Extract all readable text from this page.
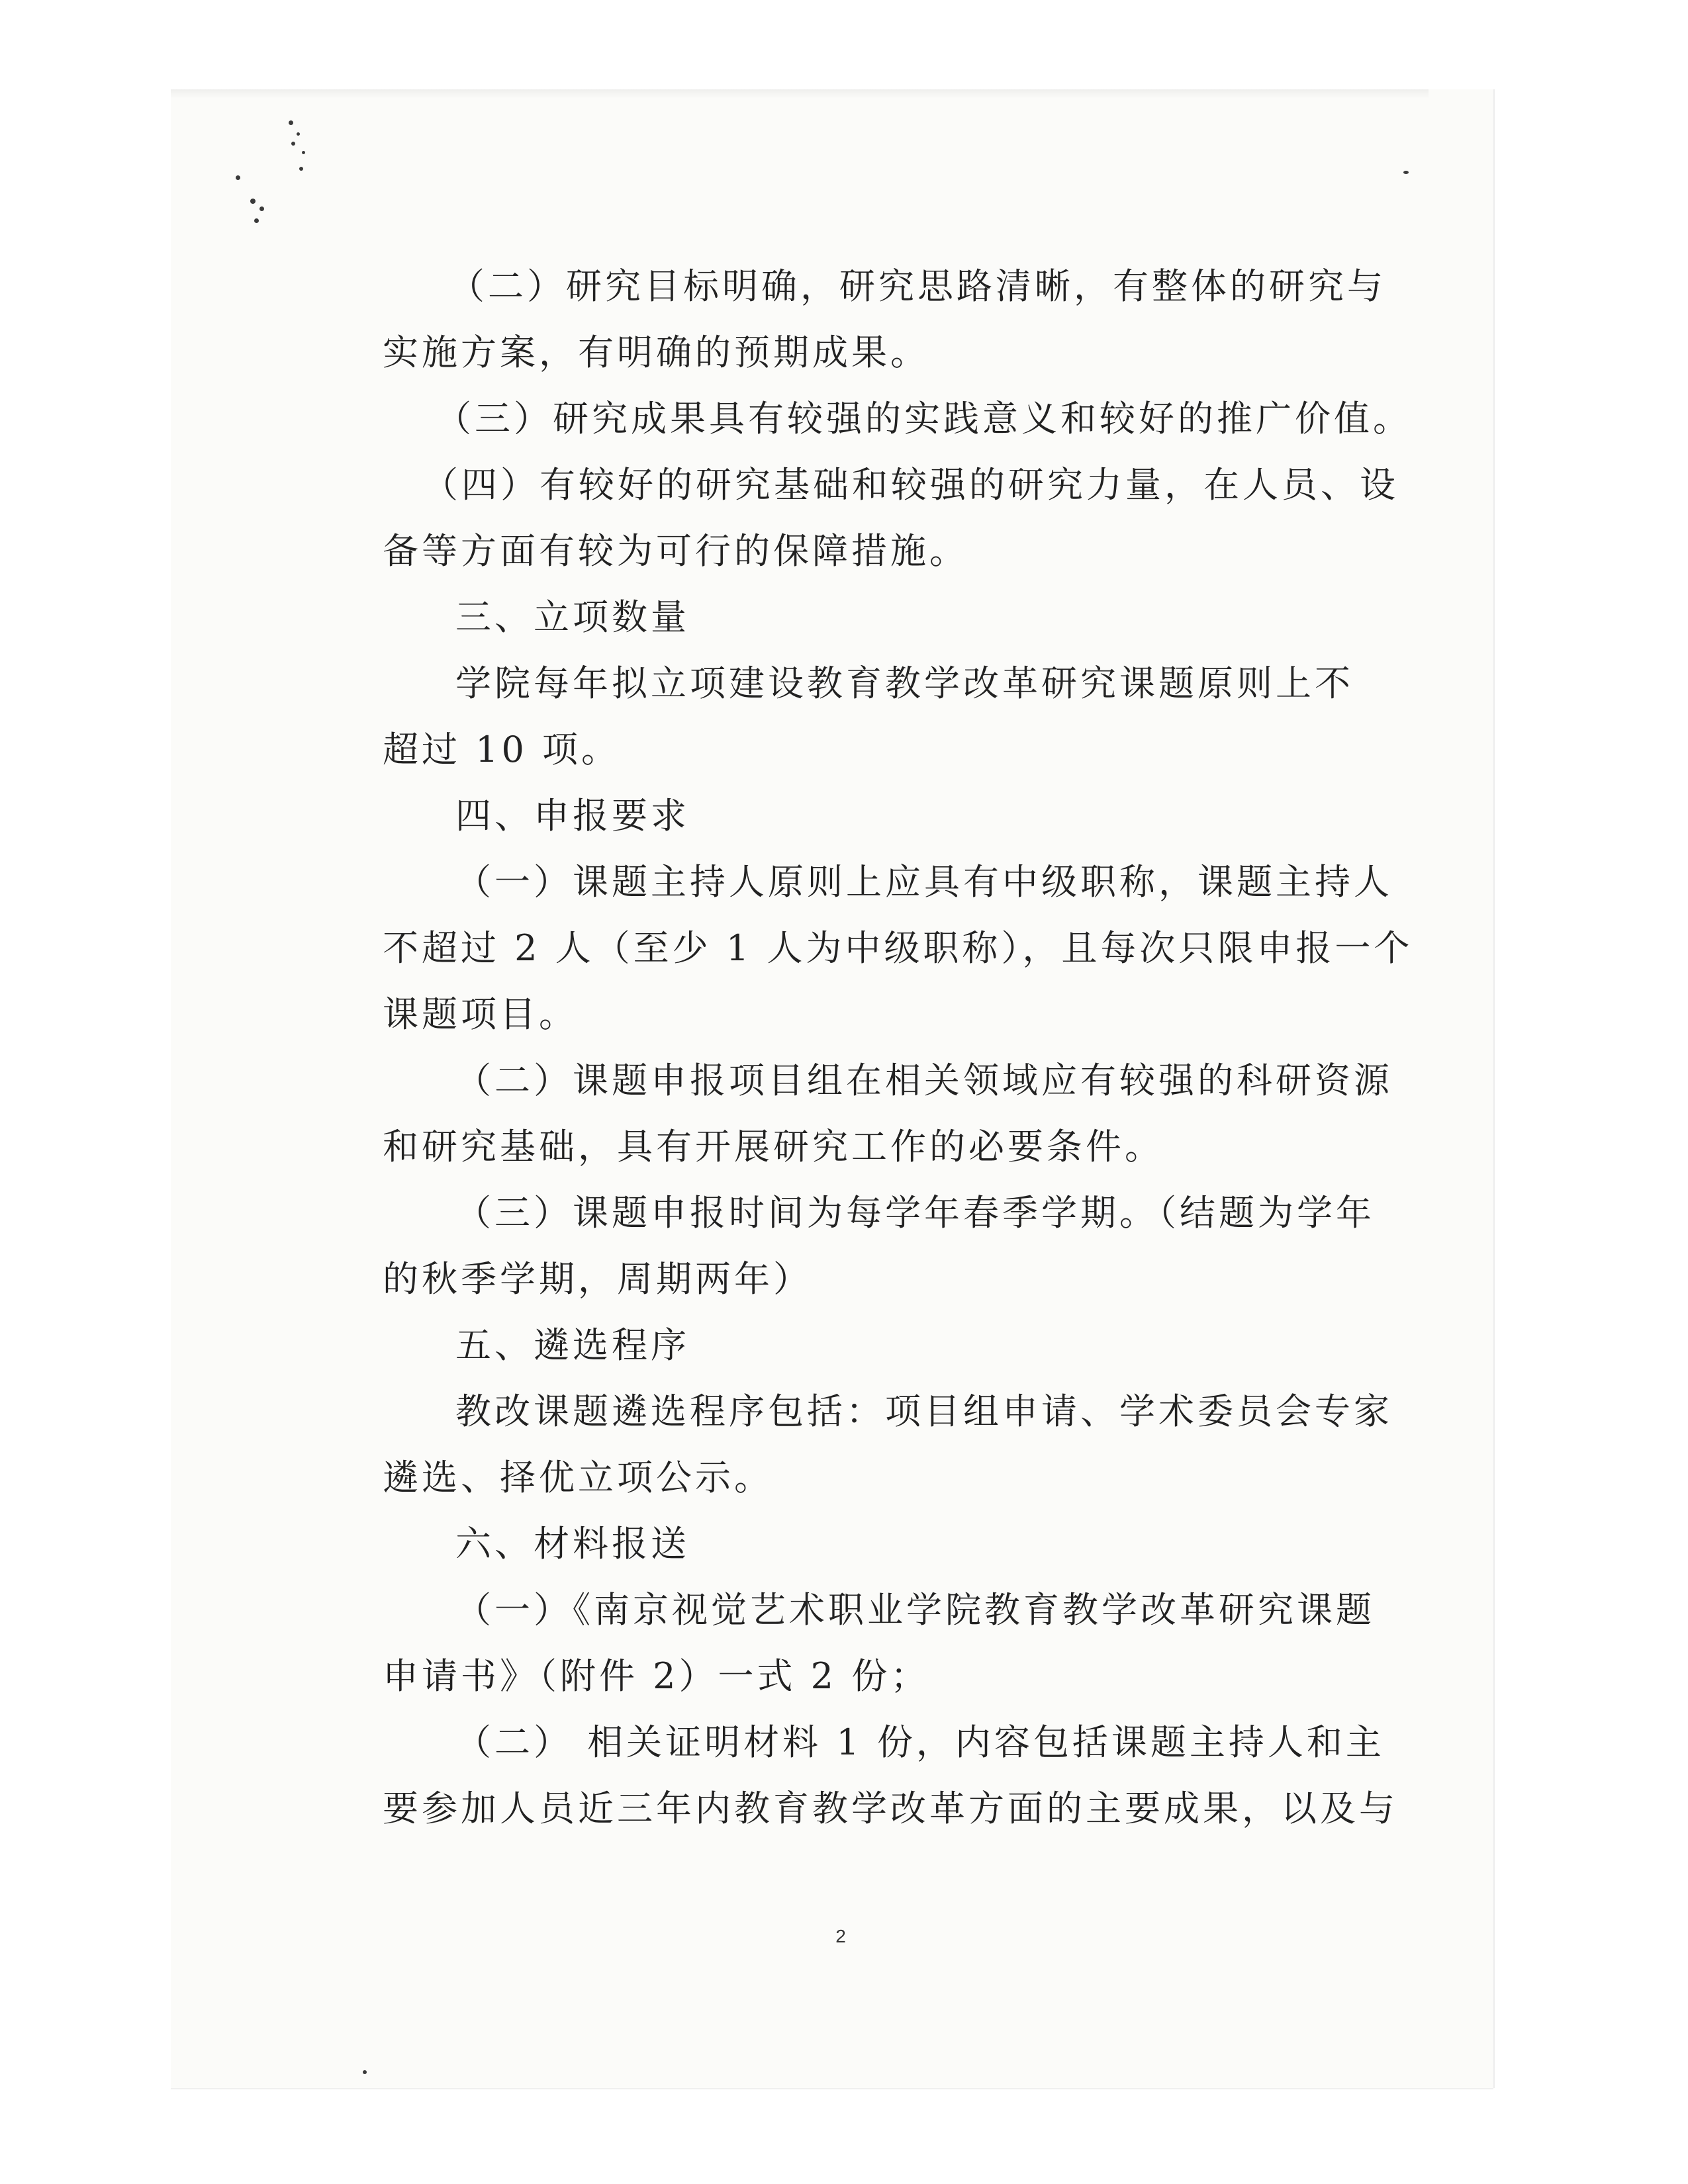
（二）研究目标明确，研究思路清晰，有整体的研究与
实施方案，有明确的预期成果。
（三）研究成果具有较强的实践意义和较好的推广价值。
（四）有较好的研究基础和较强的研究力量，在人员、设
备等方面有较为可行的保障措施。
三、立项数量
学院每年拟立项建设教育教学改革研究课题原则上不
超过 10 项。
四、申报要求
（一）课题主持人原则上应具有中级职称，课题主持人
不超过 2 人（至少 1 人为中级职称），且每次只限申报一个
课题项目。
（二）课题申报项目组在相关领域应有较强的科研资源
和研究基础，具有开展研究工作的必要条件。
（三）课题申报时间为每学年春季学期。（结题为学年
的秋季学期，周期两年）
五、遴选程序
教改课题遴选程序包括：项目组申请、学术委员会专家
遴选、择优立项公示。
六、材料报送
（一）《南京视觉艺术职业学院教育教学改革研究课题
申请书》（附件 2）一式 2 份；
（二） 相关证明材料 1 份，内容包括课题主持人和主
要参加人员近三年内教育教学改革方面的主要成果，以及与
2
